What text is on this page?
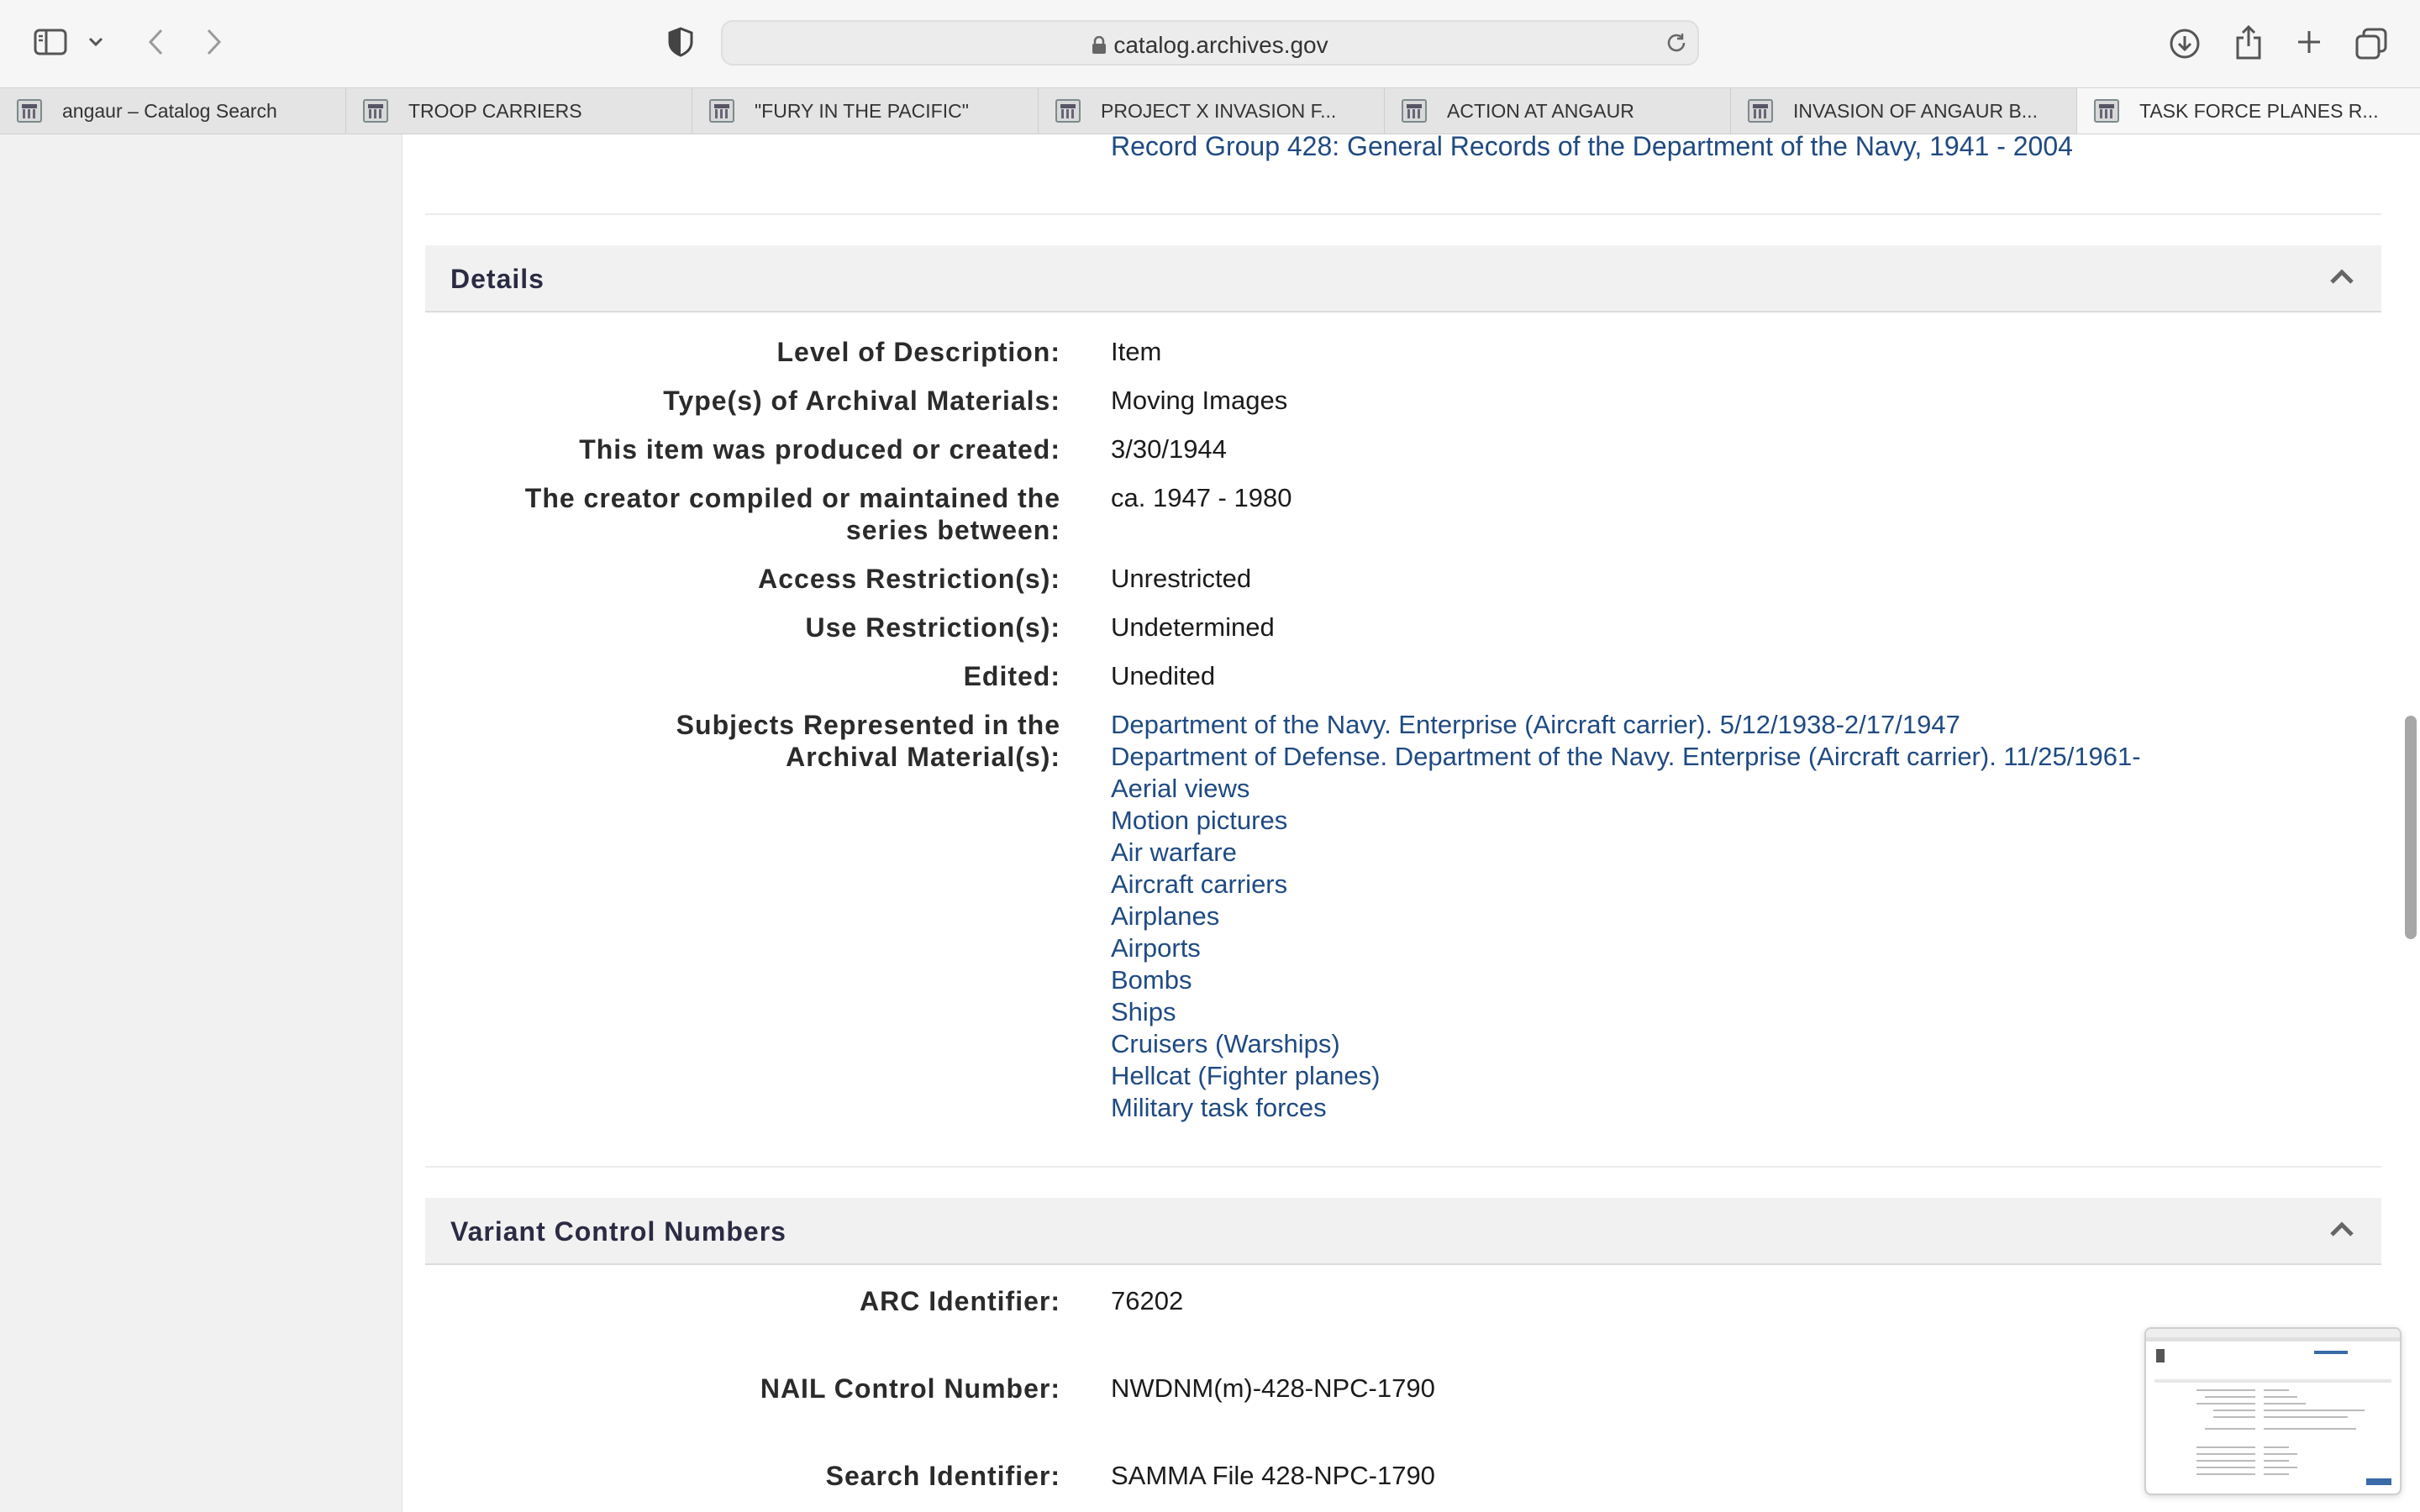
catalog.archives.gov
angaur – Catalog Search	TROOP CARRIERS	"FURY IN THE PACIFIC"	PROJECT X INVASION F...	ACTION AT ANGAUR	INVASION OF ANGAUR B...	TASK FORCE PLANES R...
Record Group 428: General Records of the Department of the Navy, 1941 - 2004
Details
Level of Description: Item
Type(s) of Archival Materials: Moving Images
This item was produced or created: 3/30/1944
The creator compiled or maintained the series between:
ca. 1947 - 1980
Access Restriction(s): Unrestricted
Use Restriction(s): Undetermined
Edited: Unedited
Subjects Represented in the Archival Material(s):
Department of the Navy. Enterprise (Aircraft carrier). 5/12/1938-2/17/1947
Department of Defense. Department of the Navy. Enterprise (Aircraft carrier). 11/25/1961-
Aerial views
Motion pictures
Air warfare
Aircraft carriers
Airplanes
Airports
Bombs
Ships
Cruisers (Warships)
Hellcat (Fighter planes)
Military task forces
Variant Control Numbers
ARC Identifier: 76202
NAIL Control Number: NWDNM(m)-428-NPC-1790
Search Identifier: SAMMA File 428-NPC-1790
